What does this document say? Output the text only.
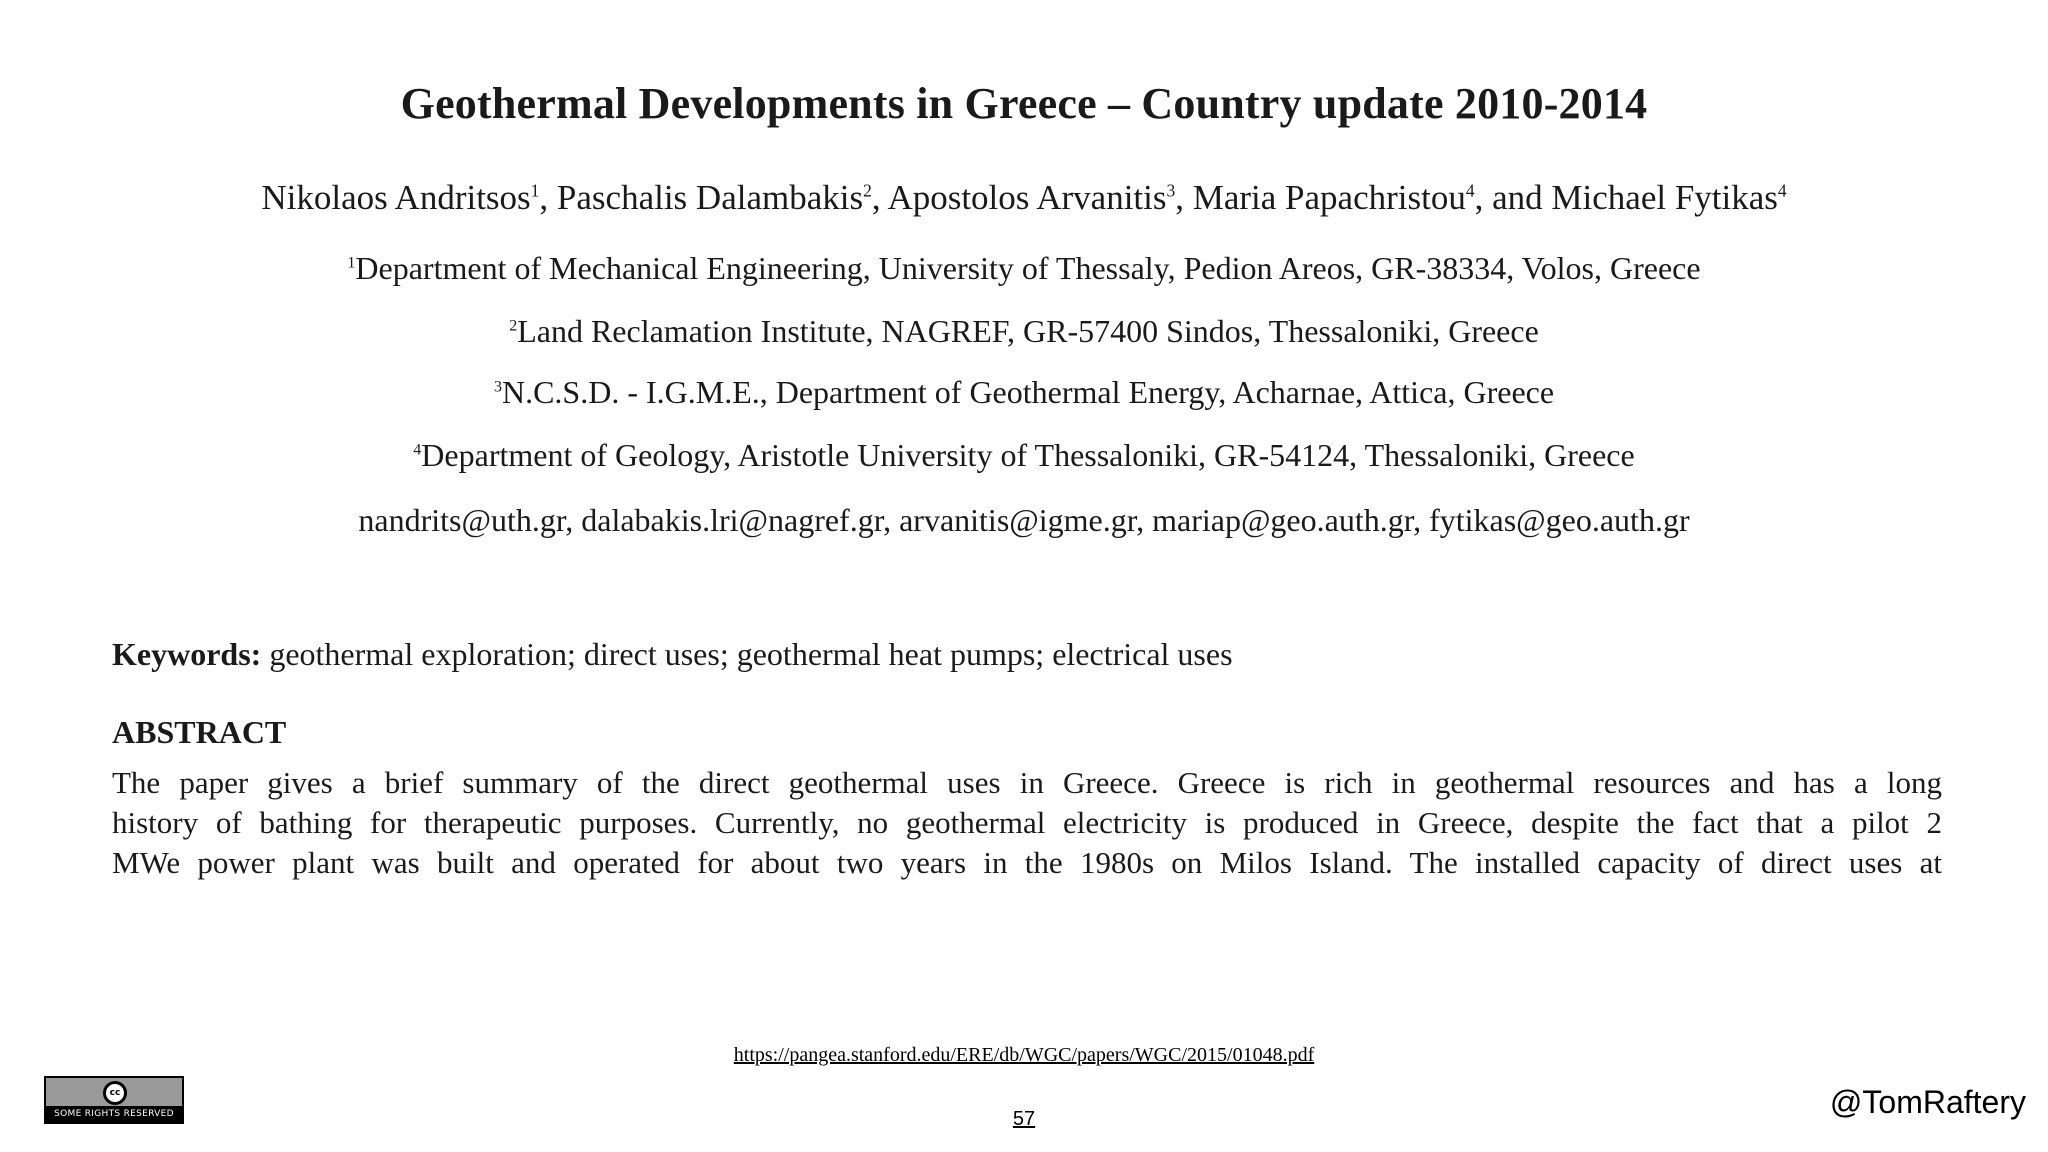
Geothermal Developments in Greece – Country update 2010-2014
Nikolaos Andritsos$^1$, Paschalis Dalambakis$^2$, Apostolos Arvanitis$^3$, Maria Papachristou$^4$, and Michael Fytikas$^4$
$^1$Department of Mechanical Engineering, University of Thessaly, Pedion Areos, GR-38334, Volos, Greece
$^2$Land Reclamation Institute, NAGREF, GR-57400 Sindos, Thessaloniki, Greece
$^3$N.C.S.D. - I.G.M.E., Department of Geothermal Energy, Acharnae, Attica, Greece
$^4$Department of Geology, Aristotle University of Thessaloniki, GR-54124, Thessaloniki, Greece
nandrits@uth.gr, dalabakis.lri@nagref.gr, arvanitis@igme.gr, mariap@geo.auth.gr, fytikas@geo.auth.gr
Keywords: geothermal exploration; direct uses; geothermal heat pumps; electrical uses
ABSTRACT
The paper gives a brief summary of the direct geothermal uses in Greece. Greece is rich in geothermal resources and has a long
history of bathing for therapeutic purposes. Currently, no geothermal electricity is produced in Greece, despite the fact that a pilot 2
MWe power plant was built and operated for about two years in the 1980s on Milos Island. The installed capacity of direct uses at
https://pangea.stanford.edu/ERE/db/WGC/papers/WGC/2015/01048.pdf
57
cc
SOME RIGHTS RESERVED	@TomRaftery
